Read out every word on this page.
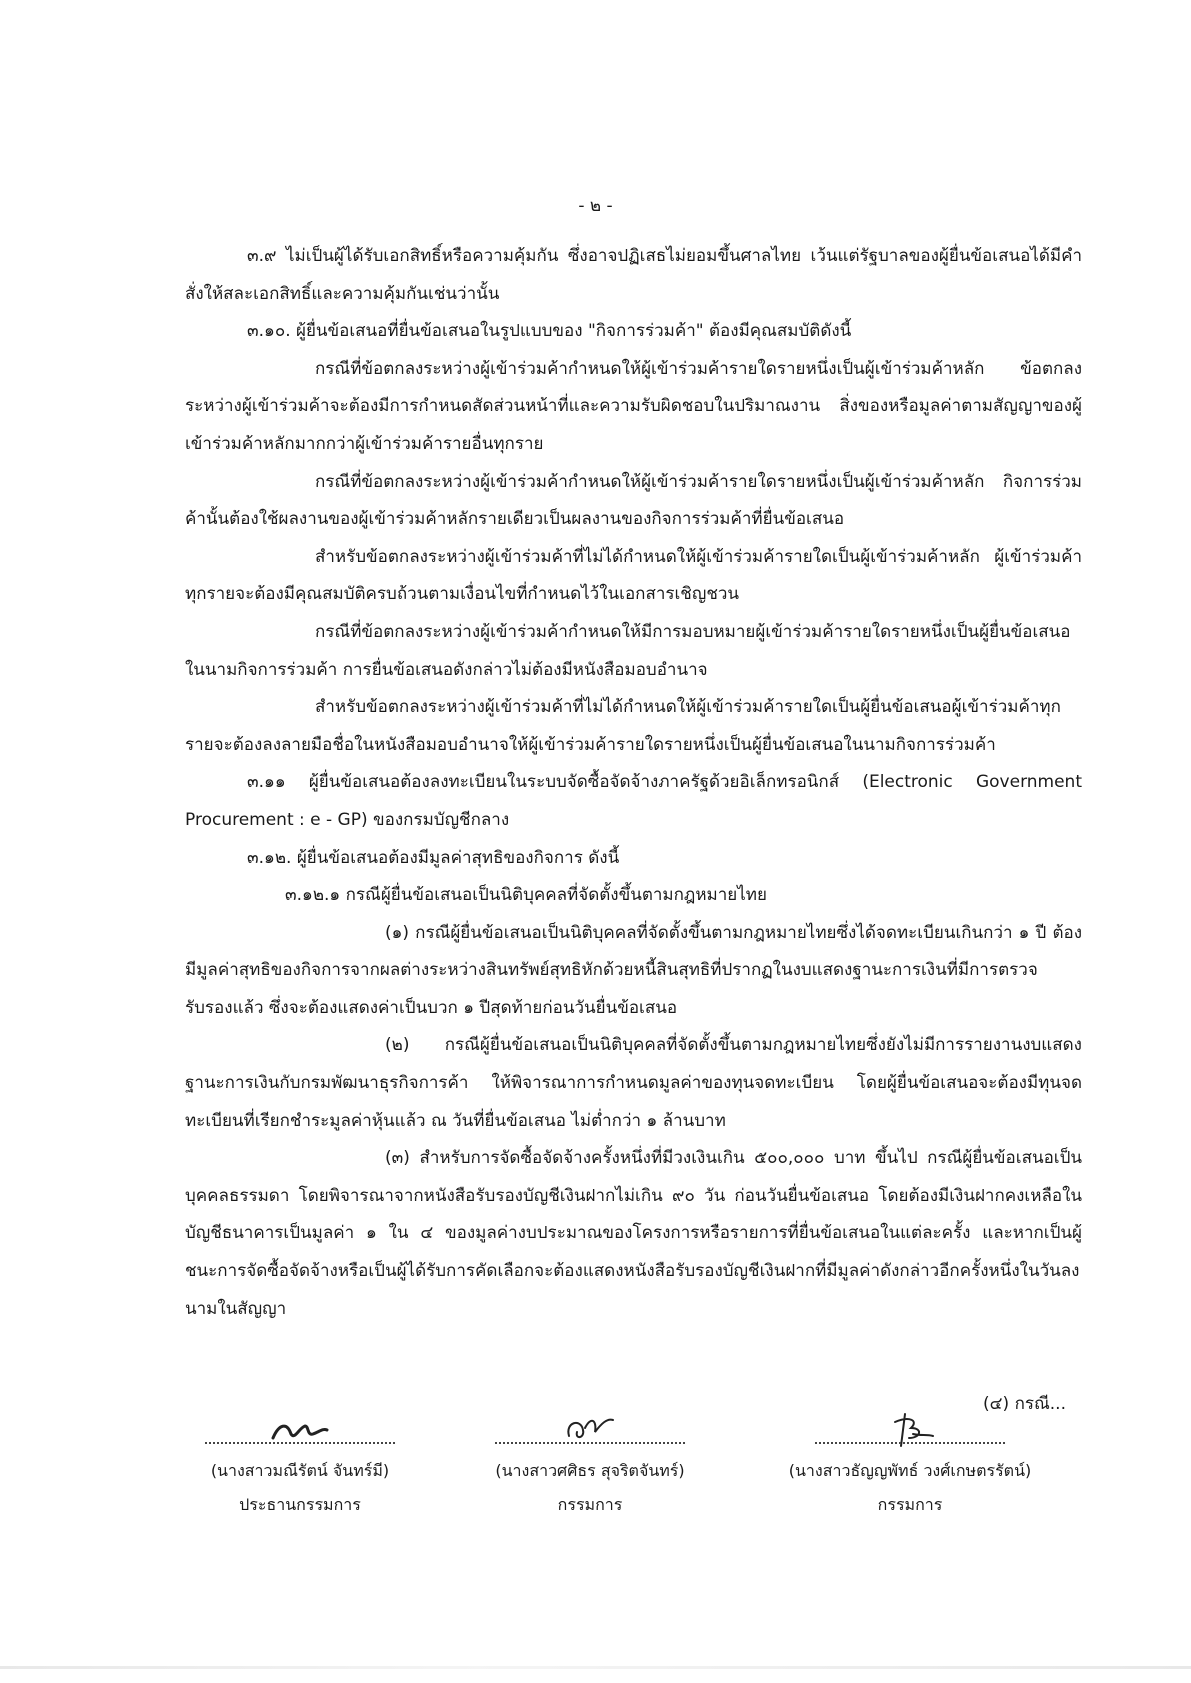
- ๒ -

๓.๙ ไม่เป็นผู้ได้รับเอกสิทธิ์หรือความคุ้มกัน ซึ่งอาจปฏิเสธไม่ยอมขึ้นศาลไทย เว้นแต่รัฐบาลของผู้ยื่นข้อเสนอได้มีคำสั่งให้สละเอกสิทธิ์และความคุ้มกันเช่นว่านั้น

๓.๑๐. ผู้ยื่นข้อเสนอที่ยื่นข้อเสนอในรูปแบบของ "กิจการร่วมค้า" ต้องมีคุณสมบัติดังนี้

กรณีที่ข้อตกลงระหว่างผู้เข้าร่วมค้ากำหนดให้ผู้เข้าร่วมค้ารายใดรายหนึ่งเป็นผู้เข้าร่วมค้าหลัก ข้อตกลงระหว่างผู้เข้าร่วมค้าจะต้องมีการกำหนดสัดส่วนหน้าที่และความรับผิดชอบในปริมาณงาน สิ่งของหรือมูลค่าตามสัญญาของผู้เข้าร่วมค้าหลักมากกว่าผู้เข้าร่วมค้ารายอื่นทุกราย

กรณีที่ข้อตกลงระหว่างผู้เข้าร่วมค้ากำหนดให้ผู้เข้าร่วมค้ารายใดรายหนึ่งเป็นผู้เข้าร่วมค้าหลัก กิจการร่วมค้านั้นต้องใช้ผลงานของผู้เข้าร่วมค้าหลักรายเดียวเป็นผลงานของกิจการร่วมค้าที่ยื่นข้อเสนอ

สำหรับข้อตกลงระหว่างผู้เข้าร่วมค้าที่ไม่ได้กำหนดให้ผู้เข้าร่วมค้ารายใดเป็นผู้เข้าร่วมค้าหลัก ผู้เข้าร่วมค้าทุกรายจะต้องมีคุณสมบัติครบถ้วนตามเงื่อนไขที่กำหนดไว้ในเอกสารเชิญชวน

กรณีที่ข้อตกลงระหว่างผู้เข้าร่วมค้ากำหนดให้มีการมอบหมายผู้เข้าร่วมค้ารายใดรายหนึ่งเป็นผู้ยื่นข้อเสนอ ในนามกิจการร่วมค้า การยื่นข้อเสนอดังกล่าวไม่ต้องมีหนังสือมอบอำนาจ

สำหรับข้อตกลงระหว่างผู้เข้าร่วมค้าที่ไม่ได้กำหนดให้ผู้เข้าร่วมค้ารายใดเป็นผู้ยื่นข้อเสนอผู้เข้าร่วมค้าทุกรายจะต้องลงลายมือชื่อในหนังสือมอบอำนาจให้ผู้เข้าร่วมค้ารายใดรายหนึ่งเป็นผู้ยื่นข้อเสนอในนามกิจการร่วมค้า

๓.๑๑ ผู้ยื่นข้อเสนอต้องลงทะเบียนในระบบจัดซื้อจัดจ้างภาครัฐด้วยอิเล็กทรอนิกส์ (Electronic Government Procurement : e - GP) ของกรมบัญชีกลาง

๓.๑๒. ผู้ยื่นข้อเสนอต้องมีมูลค่าสุทธิของกิจการ ดังนี้

๓.๑๒.๑ กรณีผู้ยื่นข้อเสนอเป็นนิติบุคคลที่จัดตั้งขึ้นตามกฎหมายไทย

(๑) กรณีผู้ยื่นข้อเสนอเป็นนิติบุคคลที่จัดตั้งขึ้นตามกฎหมายไทยซึ่งได้จดทะเบียนเกินกว่า ๑ ปี ต้องมีมูลค่าสุทธิของกิจการจากผลต่างระหว่างสินทรัพย์สุทธิหักด้วยหนี้สินสุทธิที่ปรากฏในงบแสดงฐานะการเงินที่มีการตรวจรับรองแล้ว ซึ่งจะต้องแสดงค่าเป็นบวก ๑ ปีสุดท้ายก่อนวันยื่นข้อเสนอ

(๒) กรณีผู้ยื่นข้อเสนอเป็นนิติบุคคลที่จัดตั้งขึ้นตามกฎหมายไทยซึ่งยังไม่มีการรายงานงบแสดงฐานะการเงินกับกรมพัฒนาธุรกิจการค้า ให้พิจารณาการกำหนดมูลค่าของทุนจดทะเบียน โดยผู้ยื่นข้อเสนอจะต้องมีทุนจดทะเบียนที่เรียกชำระมูลค่าหุ้นแล้ว ณ วันที่ยื่นข้อเสนอ ไม่ต่ำกว่า ๑ ล้านบาท

(๓) สำหรับการจัดซื้อจัดจ้างครั้งหนึ่งที่มีวงเงินเกิน ๕๐๐,๐๐๐ บาท ขึ้นไป กรณีผู้ยื่นข้อเสนอเป็นบุคคลธรรมดา โดยพิจารณาจากหนังสือรับรองบัญชีเงินฝากไม่เกิน ๙๐ วัน ก่อนวันยื่นข้อเสนอ โดยต้องมีเงินฝากคงเหลือในบัญชีธนาคารเป็นมูลค่า ๑ ใน ๔ ของมูลค่างบประมาณของโครงการหรือรายการที่ยื่นข้อเสนอในแต่ละครั้ง และหากเป็นผู้ชนะการจัดซื้อจัดจ้างหรือเป็นผู้ได้รับการคัดเลือกจะต้องแสดงหนังสือรับรองบัญชีเงินฝากที่มีมูลค่าดังกล่าวอีกครั้งหนึ่งในวันลงนามในสัญญา

(๔) กรณี...
(นางสาวมณีรัตน์ จันทร์มี)
ประธานกรรมการ
(นางสาวศศิธร สุจริตจันทร์)
กรรมการ
(นางสาวธัญญพัทธ์ วงศ์เกษตรรัตน์)
กรรมการ
